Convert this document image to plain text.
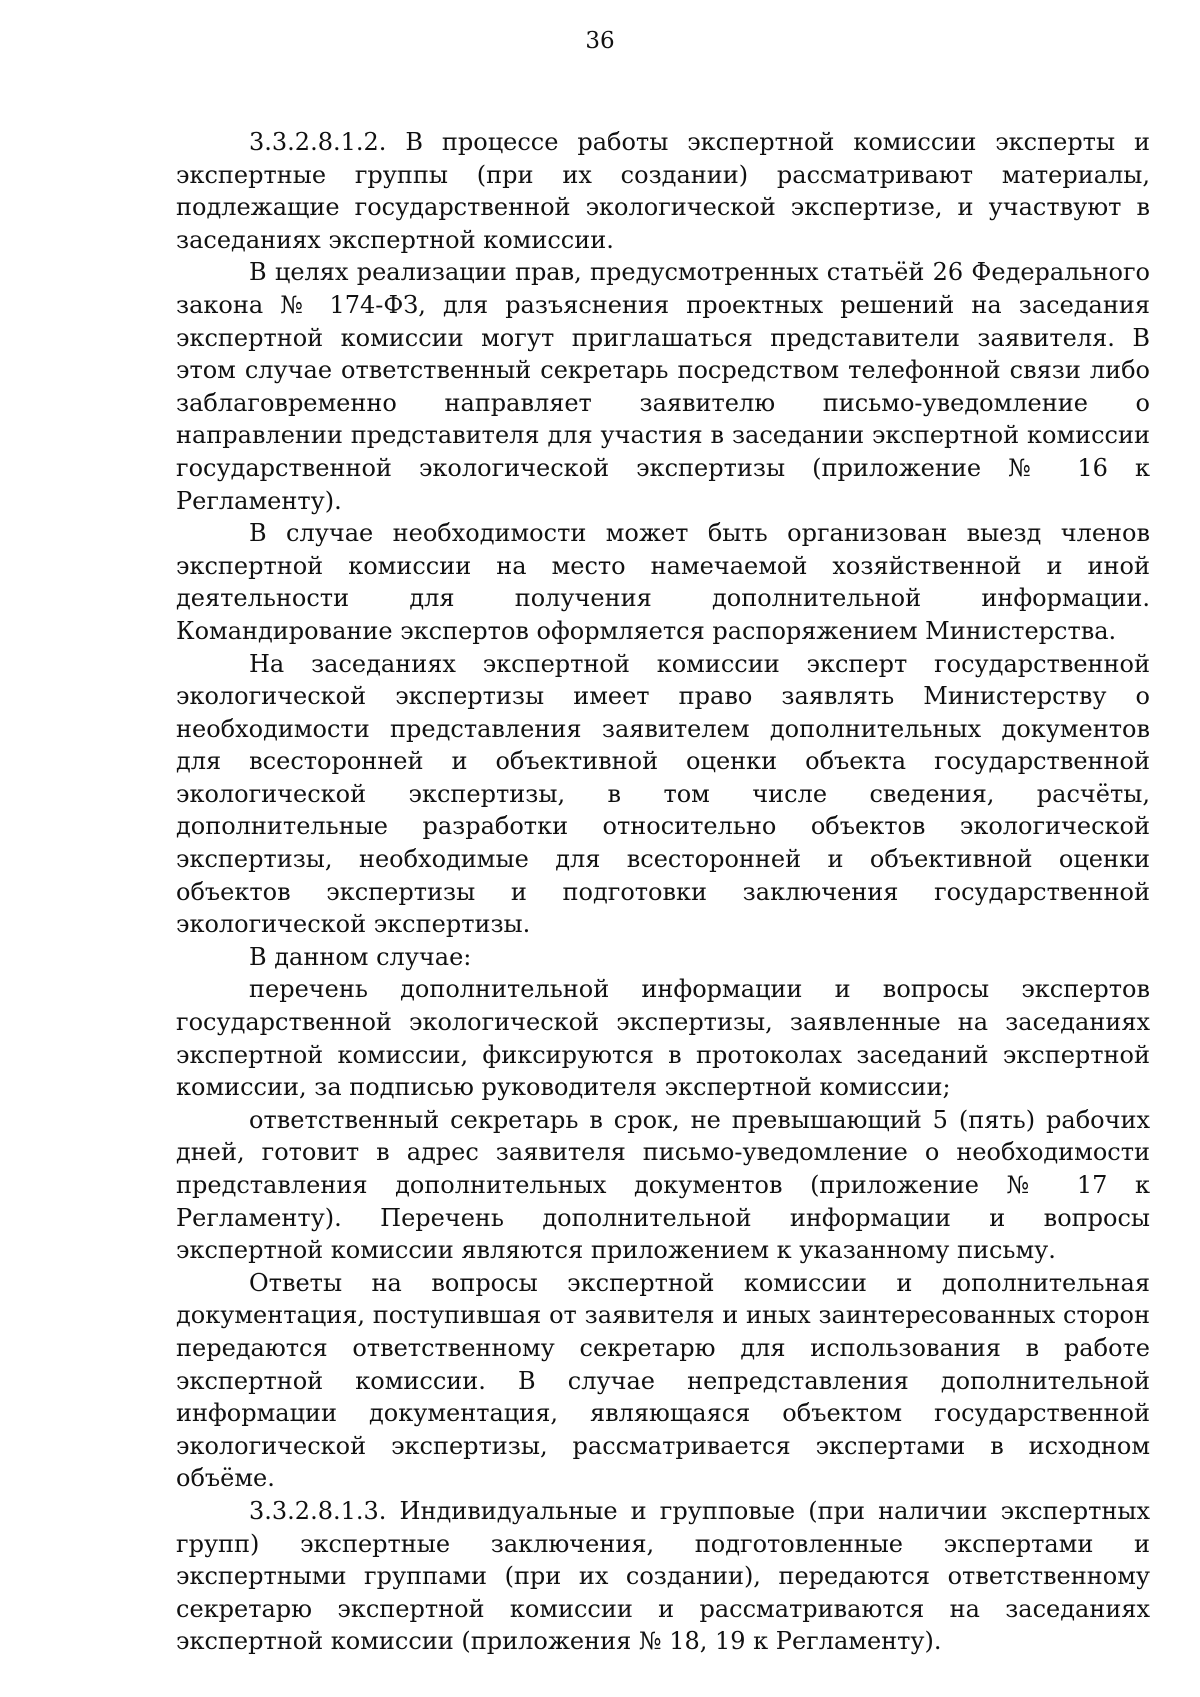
36

3.3.2.8.1.2. В процессе работы экспертной комиссии эксперты и экспертные группы (при их создании) рассматривают материалы, подлежащие государственной экологической экспертизе, и участвуют в заседаниях экспертной комиссии.

В целях реализации прав, предусмотренных статьёй 26 Федерального закона № 174-ФЗ, для разъяснения проектных решений на заседания экспертной комиссии могут приглашаться представители заявителя. В этом случае ответственный секретарь посредством телефонной связи либо заблаговременно направляет заявителю письмо-уведомление о направлении представителя для участия в заседании экспертной комиссии государственной экологической экспертизы (приложение № 16 к Регламенту).

В случае необходимости может быть организован выезд членов экспертной комиссии на место намечаемой хозяйственной и иной деятельности для получения дополнительной информации. Командирование экспертов оформляется распоряжением Министерства.

На заседаниях экспертной комиссии эксперт государственной экологической экспертизы имеет право заявлять Министерству о необходимости представления заявителем дополнительных документов для всесторонней и объективной оценки объекта государственной экологической экспертизы, в том числе сведения, расчёты, дополнительные разработки относительно объектов экологической экспертизы, необходимые для всесторонней и объективной оценки объектов экспертизы и подготовки заключения государственной экологической экспертизы.

В данном случае:

перечень дополнительной информации и вопросы экспертов государственной экологической экспертизы, заявленные на заседаниях экспертной комиссии, фиксируются в протоколах заседаний экспертной комиссии, за подписью руководителя экспертной комиссии;

ответственный секретарь в срок, не превышающий 5 (пять) рабочих дней, готовит в адрес заявителя письмо-уведомление о необходимости представления дополнительных документов (приложение № 17 к Регламенту). Перечень дополнительной информации и вопросы экспертной комиссии являются приложением к указанному письму.

Ответы на вопросы экспертной комиссии и дополнительная документация, поступившая от заявителя и иных заинтересованных сторон передаются ответственному секретарю для использования в работе экспертной комиссии. В случае непредставления дополнительной информации документация, являющаяся объектом государственной экологической экспертизы, рассматривается экспертами в исходном объёме.

3.3.2.8.1.3. Индивидуальные и групповые (при наличии экспертных групп) экспертные заключения, подготовленные экспертами и экспертными группами (при их создании), передаются ответственному секретарю экспертной комиссии и рассматриваются на заседаниях экспертной комиссии (приложения № 18, 19 к Регламенту).
